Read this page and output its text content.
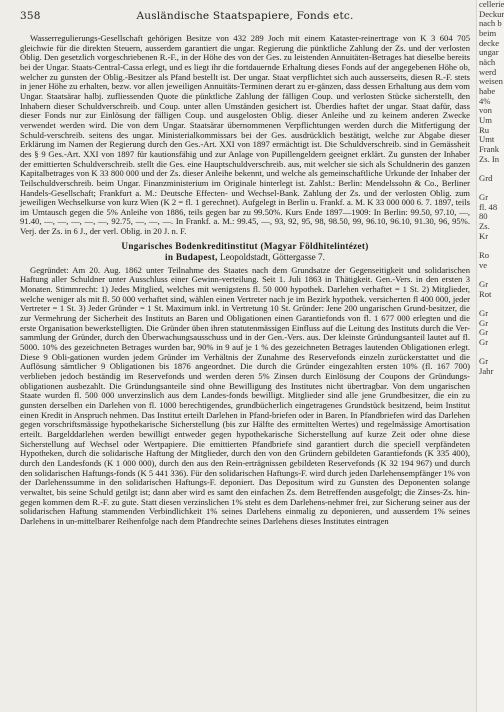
358	Ausländische Staatspapiere, Fonds etc.

Wasserregulierungs-Gesellschaft gehörigen Besitze von 432 289 Joch mit einem Kataster-reinertrage von K 3 604 705 gleichwie für die direkten Steuern, ausserdem garantiert die ungar. Regierung die pünktliche Zahlung der Zs. und der verlosten Oblig. Den gesetzlich vorgeschriebenen R.-F., in der Höhe des von der Ges. zu leistenden Annuitäten-Betrages hat dieselbe bereits bei der Ungar. Staats-Central-Cassa erlegt, und es liegt ihr die fortdauernde Erhaltung dieses Fonds auf der angegebenen Höhe ob, welcher zu gunsten der Oblig.-Besitzer als Pfand bestellt ist. Der ungar. Staat verpflichtet sich auch ausserseits, diesen R.-F. stets in jener Höhe zu erhalten, bezw. vor allen jeweiligen Annuitäts-Terminen derart zu er-gänzen, dass dessen Erhaltung aus dem vom Ungar. Staatsärar halbj. zufliessenden Quote die pünktliche Zahlung der fälligen Coup. und verlosten Stücke sicherstellt, den Inhabern dieser Schuldverschreib. und Coup. unter allen Umständen gesichert ist. Überdies haftet der ungar. Staat dafür, dass dieser Fonds nur zur Einlösung der fälligen Coup. und ausgelosten Oblig. dieser Anleihe und zu keinem anderen Zwecke verwendet werden wird. Die von dem Ungar. Staatsärar übernommenen Verpflichtungen werden durch die Mitfertigung der Schuld-verschreib. seitens des ungar. Ministerialkommissars bei der Ges. ausdrücklich bestätigt, welche zur Abgabe dieser Erklärung im Namen der Regierung durch den Ges.-Art. XXI von 1897 ermächtigt ist. Die Schuldverschreib. sind in Gemässheit des § 9 Ges.-Art. XXI von 1897 für kautionsfähig und zur Anlage von Pupillengeldern geeignet erklärt. Zu gunsten der Inhaber der emittierten Schuldverschreib. stellt die Ges. eine Hauptschuldverschreib. aus, mit welcher sie sich als Schuldnerin des ganzen Kapitalbetrages von K 33 800 000 und der Zs. dieser Anleihe bekennt, und welche als gemeinschaftliche Urkunde der Inhaber der Teilschuldverschreib. beim Ungar. Finanzministerium im Originale hinterlegt ist. Zahlst.: Berlin: Mendelssohn & Co., Berliner Handels-Gesellschaft; Frankfurt a. M.: Deutsche Effecten- und Wechsel-Bank. Zahlung der Zs. und der verlosten Oblig. zum jeweiligen Wechselkurse von kurz Wien (K 2 = fl. 1 gerechnet). Aufgelegt in Berlin u. Frankf. a. M. K 33 000 000 6. 7. 1897, teils im Umtausch gegen die 5% Anleihe von 1886, teils gegen bar zu 99.50%. Kurs Ende 1897—1909: In Berlin: 99.50, 97.10, —, 91.40, —, —, —, —, —, 92.75, —, —, —. In Frankf. a. M.: 99.45, —, 93, 92, 95, 98, 98.50, 99, 96.10, 96.10, 91.30, 96, 95%. Verj. der Zs. in 6 J., der verl. Oblig. in 20 J. n. F.

Ungarisches Bodenkreditinstitut (Magyar Földhitelintézet)
in Budapest, Leopoldstadt, Göttergasse 7.

Gegründet: Am 20. Aug. 1862 unter Teilnahme des Staates nach dem Grundsatze der Gegenseitigkeit und solidarischen Haftung aller Schuldner unter Ausschluss einer Gewinn-verteilung. Seit 1. Juli 1863 in Thätigkeit. Gen.-Vers. in den ersten 3 Monaten. Stimmrecht: 1) Jedes Mitglied, welches mit wenigstens fl. 50 000 hypothek. Darlehen verhaftet = 1 St. 2) Mitglieder, welche weniger als mit fl. 50 000 verhaftet sind, wählen einen Vertreter nach je im Bezirk hypothek. versicherten fl 400 000, jeder Vertreter = 1 St. 3) Jeder Gründer = 1 St. Maximum inkl. in Vertretung 10 St. Gründer: Jene 200 ungarischen Grund-besitzer, die zur Vermehrung der Sicherheit des Instituts an Baren und Obligationen einen Garantiefonds von fl. 1 677 000 erlegten und die erste Organisation bewerkstelligten. Die Gründer üben ihren statutenmässigen Einfluss auf die Leitung des Instituts durch die Ver-sammlung der Gründer, durch den Überwachungsausschuss und in der Gen.-Vers. aus. Der kleinste Gründungsanteil lautet auf fl. 5000. 10% des gezeichneten Betrages wurden bar, 90% in 9 auf je 1 % des gezeichneten Betrages lautenden Obligationen erlegt. Diese 9 Obli-gationen wurden jedem Gründer im Verhältnis der Zunahme des Reservefonds einzeln zurückerstattet und die Auflösung sämtlicher 9 Obligationen bis 1876 angeordnet. Die durch die Gründer eingezahlten ersten 10% (fl. 167 700) verblieben jedoch beständig im Reservefonds und werden deren 5% Zinsen durch Einlösung der Coupons der Gründungs-obligationen ausbezahlt. Die Gründungsanteile sind ohne Bewilligung des Institutes nicht übertragbar. Von dem ungarischen Staate wurden fl. 500 000 unverzinslich aus dem Landes-fonds bewilligt. Mitglieder sind alle jene Grundbesitzer, die ein zu gunsten derselben ein Darlehen von fl. 1000 berechtigendes, grundbücherlich eingetragenes Grundstück besitzend, beim Institut einen Kredit in Anspruch nehmen. Das Institut erteilt Darlehen in Pfand-briefen oder in Baren. In Pfandbriefen wird das Darlehen gegen vorschriftsmässige hypothekarische Sicherstellung (bis zur Hälfte des ermittelten Wertes) und regelmässige Amortisation erteilt. Bargelddarlehen werden bewilligt entweder gegen hypothekarische Sicherstellung auf kurze Zeit oder ohne diese Sicherstellung auf Wechsel oder Wertpapiere. Die emittierten Pfandbriefe sind garantiert durch die speciell verpfändeten Hypotheken, durch die solidarische Haftung der Mitglieder, durch den von den Gründern gebildeten Garantiefonds (K 335 400), durch den Landesfonds (K 1 000 000), durch den aus den Rein-erträgnissen gebildeten Reservefonds (K 32 194 967) und durch den solidarischen Haftungs-fonds (K 5 441 336). Für den solidarischen Haftungs-F. wird durch jeden Darlehensempfänger 1% von der Darlehenssumme in den solidarischen Haftungs-F. deponiert. Das Depositum wird zu Gunsten des Deponenten solange verwaltet, bis seine Schuld getilgt ist; dann aber wird es samt den einfachen Zs. dem Betreffenden ausgefolgt; die Zinses-Zs. hin-gegen kommen dem R.-F. zu gute. Statt diesen verzinslichen 1% steht es dem Darlehens-nehmer frei, zur Sicherung seiner aus der solidarischen Haftung stammenden Verbindlichkeit 1% seines Darlehens einmalig zu deponieren, und ausserdem 1% seines Darlehens in un-mittelbarer Reihenfolge nach dem Pfandrechte seines Darlehens dieses Institutes eintragen

cellerie
Deckur
nach b
beim
decke
ungar
näch
werd
weisen
habe
4%
von
Um
Ru
Umt
Frank
Zs. In

Grd

Gr
fl. 48
80
Zs.
Kr

Ro
ve

Gr
Rot

Gr
Gr
Gr
Gr

Gr
Jahr
